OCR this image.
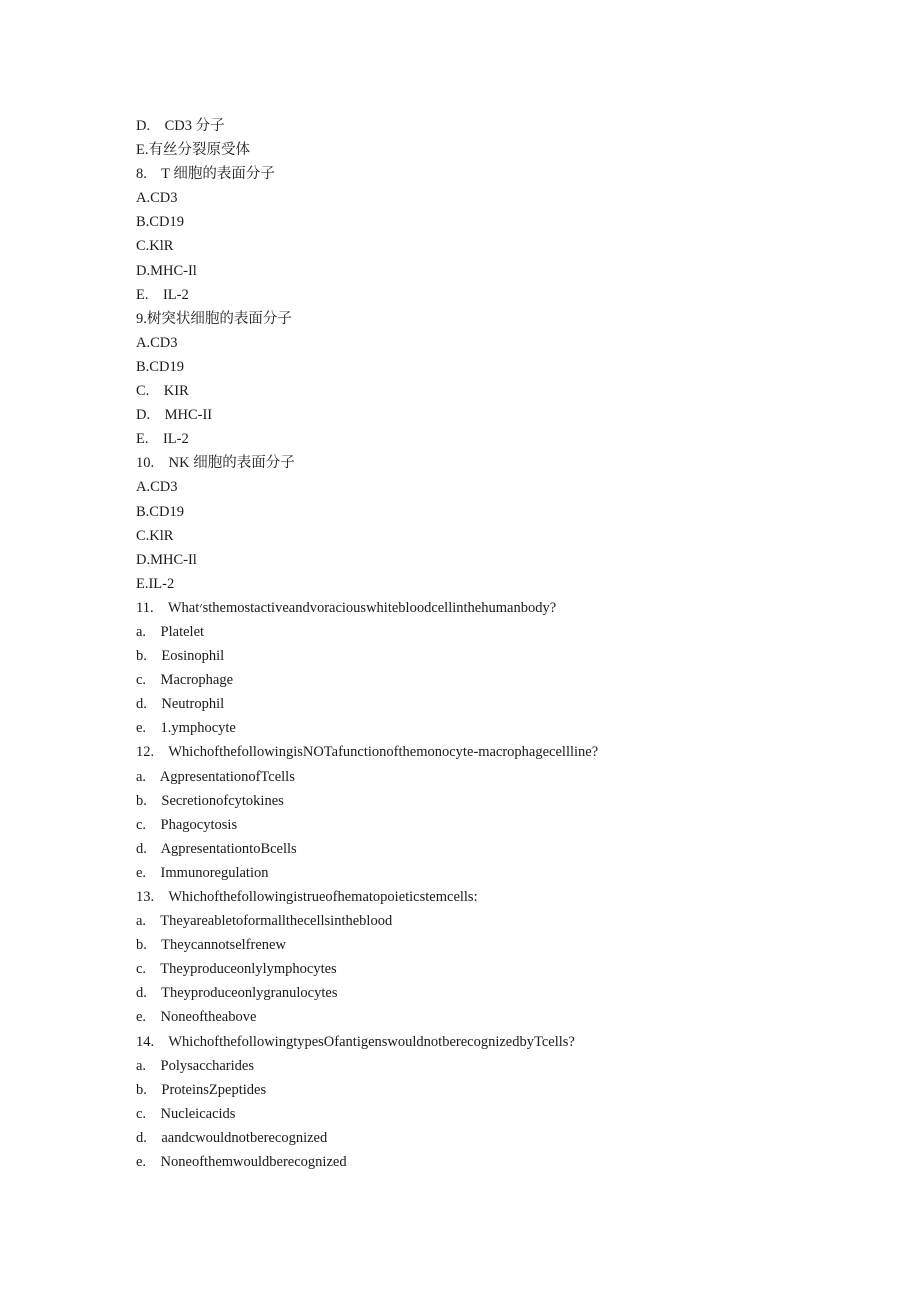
D.    CD3 分子
E.有丝分裂原受体
8.    T 细胞的表面分子
A.CD3
B.CD19
C.KlR
D.MHC-Il
E.    IL-2
9.树突状细胞的表面分子
A.CD3
B.CD19
C.    KIR
D.    MHC-II
E.    IL-2
10.    NK 细胞的表面分子
A.CD3
B.CD19
C.KlR
D.MHC-Il
E.IL-2
11.    What׳sthemostactiveandvoraciouswhitebloodcellinthehumanbody?
a.    Platelet
b.    Eosinophil
c.    Macrophage
d.    Neutrophil
e.    1.ymphocyte
12.    WhichofthefollowingisNOTafunctionofthemonocyte-macrophagecellline?
a.    AgpresentationofTcells
b.    Secretionofcytokines
c.    Phagocytosis
d.    AgpresentationtoBcells
e.    Immunoregulation
13.    Whichofthefollowingistrueofhematopoieticstemcells:
a.    Theyareabletoformallthecellsintheblood
b.    Theycannotselfrenew
c.    Theyproduceonlylymphocytes
d.    Theyproduceonlygranulocytes
e.    Noneoftheabove
14.    WhichofthefollowingtypesOfantigenswouldnotberecognizedbyTcells?
a.    Polysaccharides
b.    ProteinsZpeptides
c.    Nucleicacids
d.    aandcwouldnotberecognized
e.    Noneofthemwouldberecognized
